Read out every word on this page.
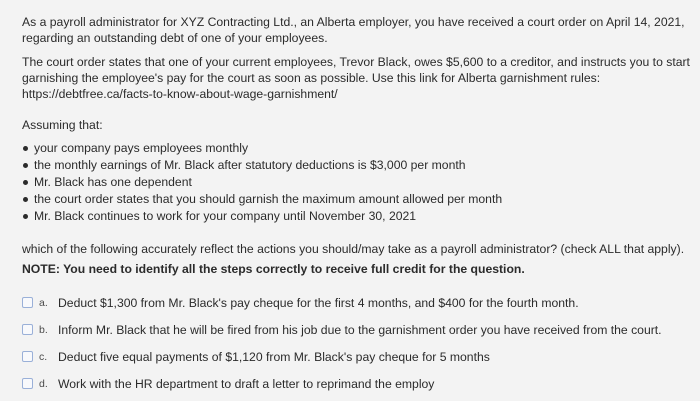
As a payroll administrator for XYZ Contracting Ltd., an Alberta employer, you have received a court order on April 14, 2021, regarding an outstanding debt of one of your employees.
The court order states that one of your current employees, Trevor Black, owes $5,600 to a creditor, and instructs you to start garnishing the employee's pay for the court as soon as possible. Use this link for Alberta garnishment rules: https://debtfree.ca/facts-to-know-about-wage-garnishment/
Assuming that:
your company pays employees monthly
the monthly earnings of Mr. Black after statutory deductions is $3,000 per month
Mr. Black has one dependent
the court order states that you should garnish the maximum amount allowed per month
Mr. Black continues to work for your company until November 30, 2021
which of the following accurately reflect the actions you should/may take as a payroll administrator? (check ALL that apply).
NOTE: You need to identify all the steps correctly to receive full credit for the question.
a. Deduct $1,300 from Mr. Black's pay cheque for the first 4 months, and $400 for the fourth month.
b. Inform Mr. Black that he will be fired from his job due to the garnishment order you have received from the court.
c. Deduct five equal payments of $1,120 from Mr. Black's pay cheque for 5 months
d. Work with the HR department to draft a letter to reprimand the employ
